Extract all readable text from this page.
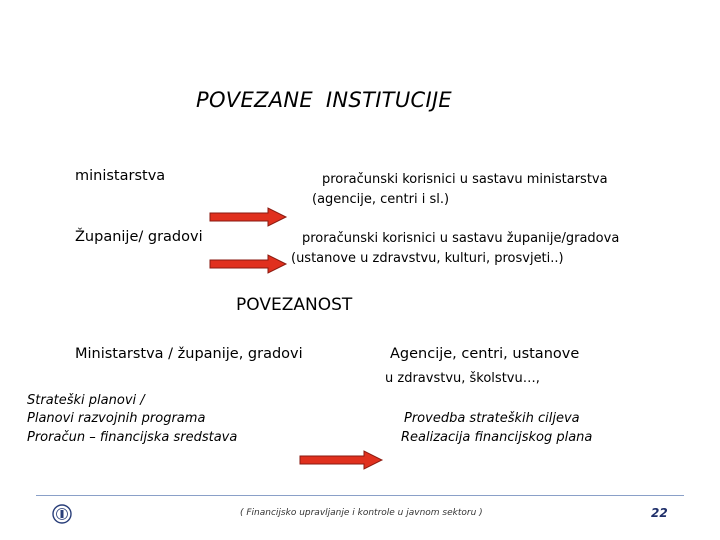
POVEZANE INSTITUCIJE
ministarstva	proračunski korisnici u sastavu ministarstva
(agencije, centri i sl.)
Županije/ gradovi	proračunski korisnici u sastavu županije/gradova
(ustanove u zdravstvu, kulturi, prosvjeti..)
POVEZANOST
Ministarstva / županije, gradovi	Agencije, centri, ustanove
u zdravstvu, školstvu…,
Strateški planovi /
Planovi razvojnih programa
Proračun – financijska sredstava
Provedba strateških ciljeva
Realizacija financijskog plana
( Financijsko upravljanje i kontrole u javnom sektoru )	22
